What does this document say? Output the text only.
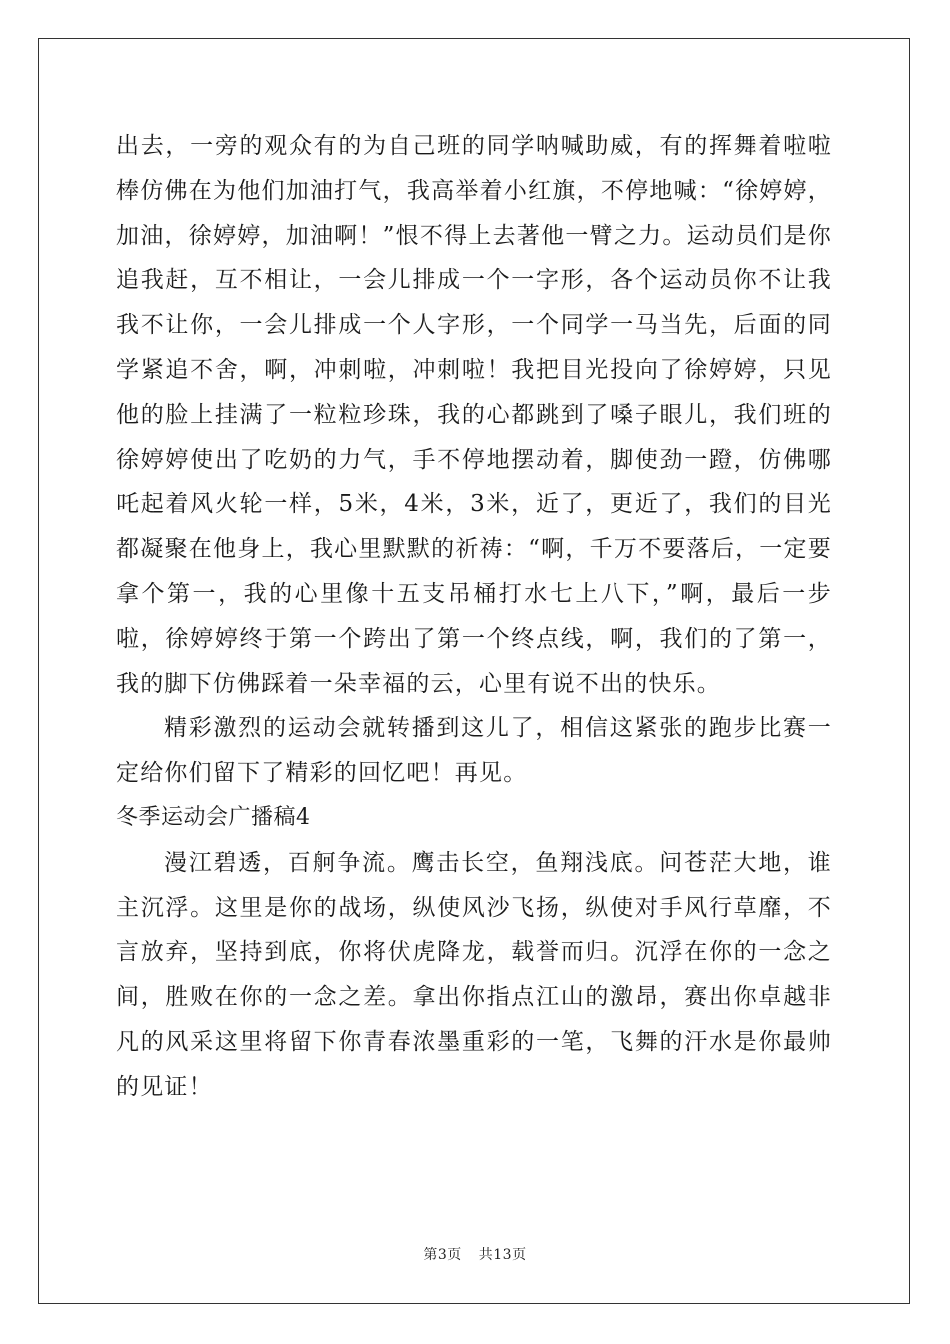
出去，一旁的观众有的为自己班的同学呐喊助威，有的挥舞着啦啦棒仿佛在为他们加油打气，我高举着小红旗，不停地喊：“徐婷婷，加油，徐婷婷，加油啊！”恨不得上去著他一臂之力。运动员们是你追我赶，互不相让，一会儿排成一个一字形，各个运动员你不让我我不让你，一会儿排成一个人字形，一个同学一马当先，后面的同学紧追不舍，啊，冲刺啦，冲刺啦！我把目光投向了徐婷婷，只见他的脸上挂满了一粒粒珍珠，我的心都跳到了嗓子眼儿，我们班的徐婷婷使出了吃奶的力气，手不停地摆动着，脚使劲一蹬，仿佛哪吒起着风火轮一样，5米，4米，3米，近了，更近了，我们的目光都凝聚在他身上，我心里默默的祈祷：“啊，千万不要落后，一定要拿个第一，我的心里像十五支吊桶打水七上八下，”啊，最后一步啦，徐婷婷终于第一个跨出了第一个终点线，啊，我们的了第一，我的脚下仿佛踩着一朵幸福的云，心里有说不出的快乐。

精彩激烈的运动会就转播到这儿了，相信这紧张的跑步比赛一定给你们留下了精彩的回忆吧！再见。

冬季运动会广播稿4

漫江碧透，百舸争流。鹰击长空，鱼翔浅底。问苍茫大地，谁主沉浮。这里是你的战场，纵使风沙飞扬，纵使对手风行草靡，不言放弃，坚持到底，你将伏虎降龙，载誉而归。沉浮在你的一念之间，胜败在你的一念之差。拿出你指点江山的激昂，赛出你卓越非凡的风采这里将留下你青春浓墨重彩的一笔，飞舞的汗水是你最帅的见证！

第3页 共13页
